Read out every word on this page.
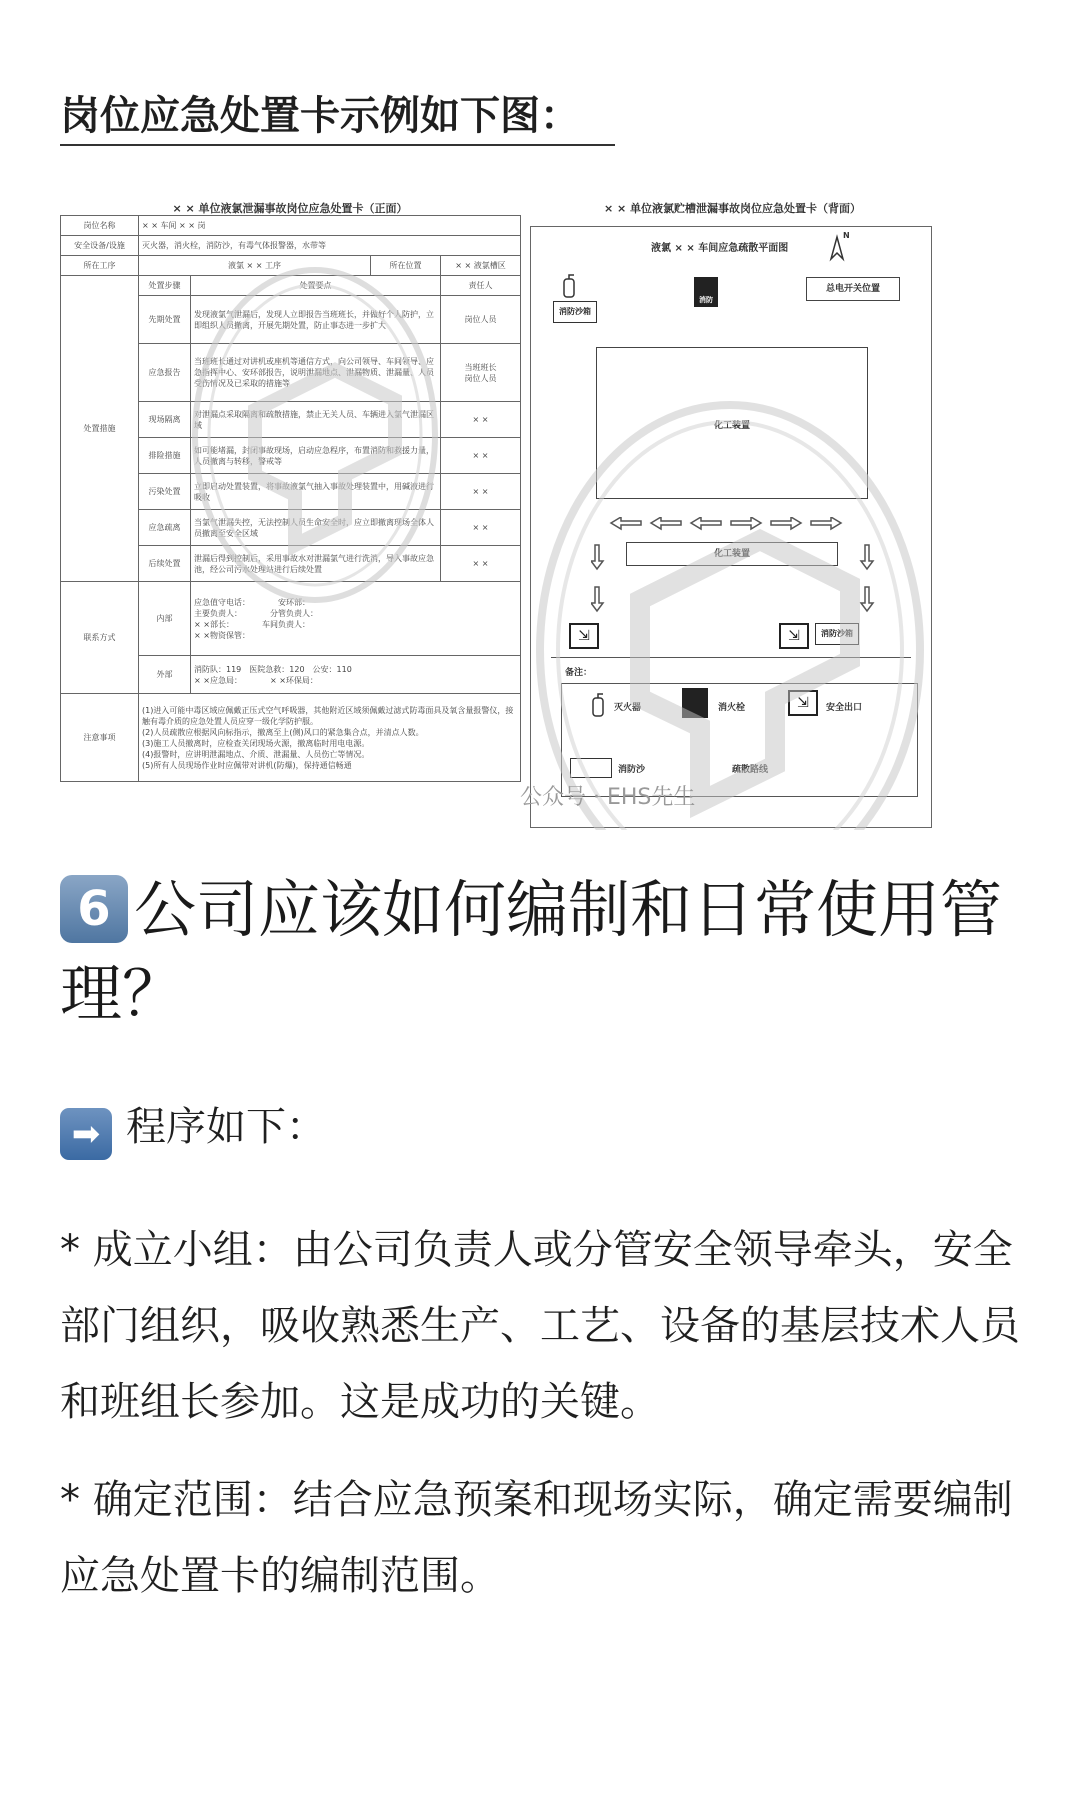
岗位应急处置卡示例如下图：
× × 单位液氯泄漏事故岗位应急处置卡（正面）
岗位名称	× × 车间 × × 岗			
安全设备/设施	灭火器，消火栓，消防沙，有毒气体报警器，水带等			
所在工序	液氯 × × 工序		所在位置	× × 液氯槽区
处置措施	处置步骤	处置要点		责任人
	先期处置	发现液氯气泄漏后，发现人立即报告当班班长，并做好个人防护，立即组织人员撤离，开展先期处置，防止事态进一步扩大		岗位人员
	应急报告	当班班长通过对讲机或座机等通信方式，向公司领导、车间领导、应急指挥中心、安环部报告，说明泄漏地点、泄漏物质、泄漏量、人员受伤情况及已采取的措施等		当班班长
岗位人员
	现场隔离	对泄漏点采取隔离和疏散措施，禁止无关人员、车辆进入氯气泄漏区域		× ×
	排险措施	如可能堵漏，封闭事故现场，启动应急程序，布置消防和救援力量，人员撤离与转移，警戒等		× ×
	污染处置	立即启动处置装置，将事故液氯气抽入事故处理装置中，用碱液进行吸收		× ×
	应急疏离	当氯气泄漏失控，无法控制人员生命安全时，应立即撤离现场全体人员撤离至安全区域		× ×
	后续处置	泄漏后得到控制后，采用事故水对泄漏氯气进行洗消，导入事故应急池，经公司污水处理站进行后续处置		× ×
联系方式	内部	应急值守电话：　　　　安环部：
主要负责人：　　　　分管负责人：
× ×部长：　　　　车间负责人：
× ×物资保管：		

	外部	消防队：119　医院急救：120　公安：110
× ×应急局：　　　　× ×环保局：		

注意事项	(1)进入可能中毒区域应佩戴正压式空气呼吸器，其他附近区域须佩戴过滤式防毒面具及氧含量报警仪，接触有毒介质的应急处置人员应穿一级化学防护服。
(2)人员疏散应根据风向标指示，撤离至上(侧)风口的紧急集合点，并清点人数。
(3)施工人员撤离时，应检查关闭现场火源，撤离临时用电电源。
(4)报警时，应讲明泄漏地点、介质、泄漏量、人员伤亡等情况。
(5)所有人员现场作业时应佩带对讲机(防爆)，保持通信畅通			
× × 单位液氯贮槽泄漏事故岗位应急处置卡（背面）
液氯 × × 车间应急疏散平面图
N
总电开关位置
消防
消防沙箱
化工装置
化工装置
⇲	⇲	消防沙箱
备注：
灭火器	消火栓	⇲	安全出口
消防沙	疏散路线
公众号 · EHS先生
6 公司应该如何编制和日常使用管理？
➡ 程序如下：

* 成立小组：由公司负责人或分管安全领导牵头，安全部门组织，吸收熟悉生产、工艺、设备的基层技术人员和班组长参加。这是成功的关键。

* 确定范围：结合应急预案和现场实际，确定需要编制应急处置卡的编制范围。
